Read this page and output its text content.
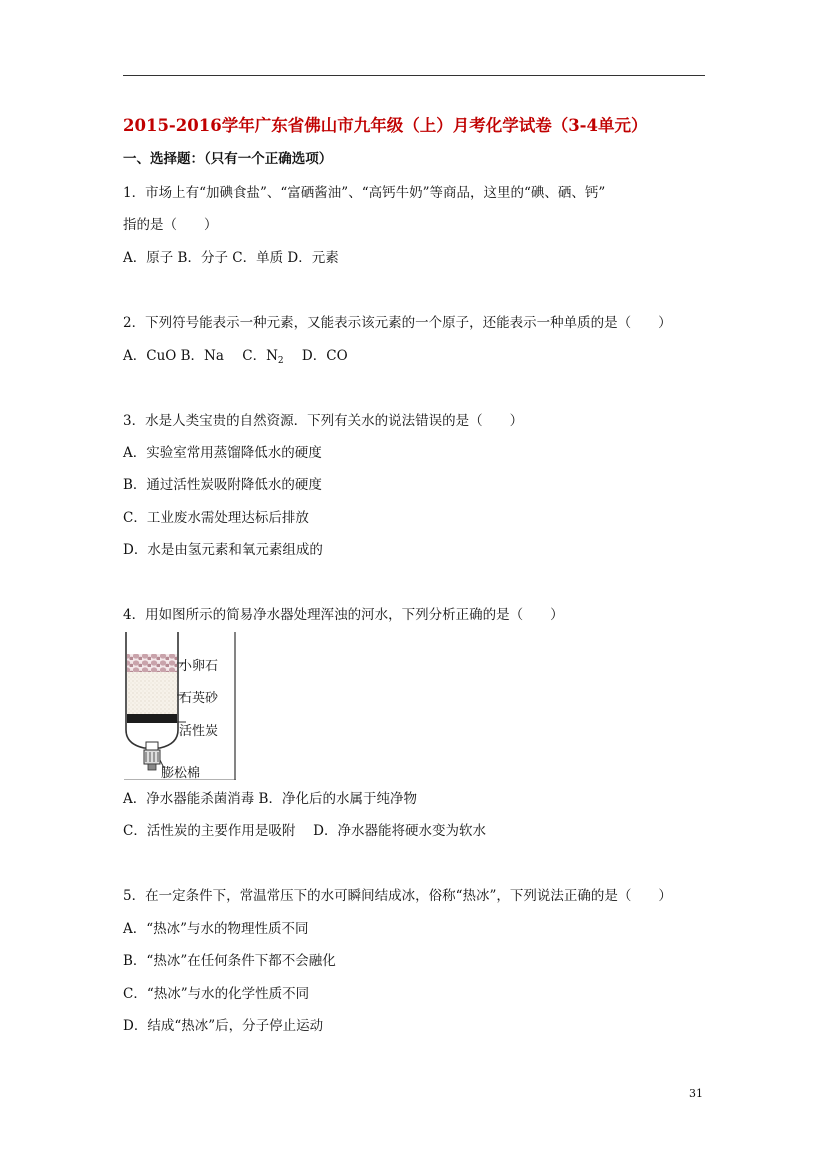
2015-2016学年广东省佛山市九年级（上）月考化学试卷（3-4单元）
一、选择题：（只有一个正确选项）
1．市场上有“加碘食盐”、“富硒酱油”、“高钙牛奶”等商品，这里的“碘、硒、钙”
指的是（　　）
A．原子 B．分子 C．单质 D．元素
2．下列符号能表示一种元素，又能表示该元素的一个原子，还能表示一种单质的是（　　）
A．CuO B．Na C．$N_2$ D．CO
3．水是人类宝贵的自然资源．下列有关水的说法错误的是（　　）
A．实验室常用蒸馏降低水的硬度
B．通过活性炭吸附降低水的硬度
C．工业废水需处理达标后排放
D．水是由氢元素和氧元素组成的
4．用如图所示的简易净水器处理浑浊的河水，下列分析正确的是（　　）
小卵石
石英砂
活性炭
膨松棉
A．净水器能杀菌消毒 B．净化后的水属于纯净物
C．活性炭的主要作用是吸附　 D．净水器能将硬水变为软水
5．在一定条件下，常温常压下的水可瞬间结成冰，俗称“热冰”，下列说法正确的是（　　）
A．“热冰”与水的物理性质不同
B．“热冰”在任何条件下都不会融化
C．“热冰”与水的化学性质不同
D．结成“热冰”后，分子停止运动
31
